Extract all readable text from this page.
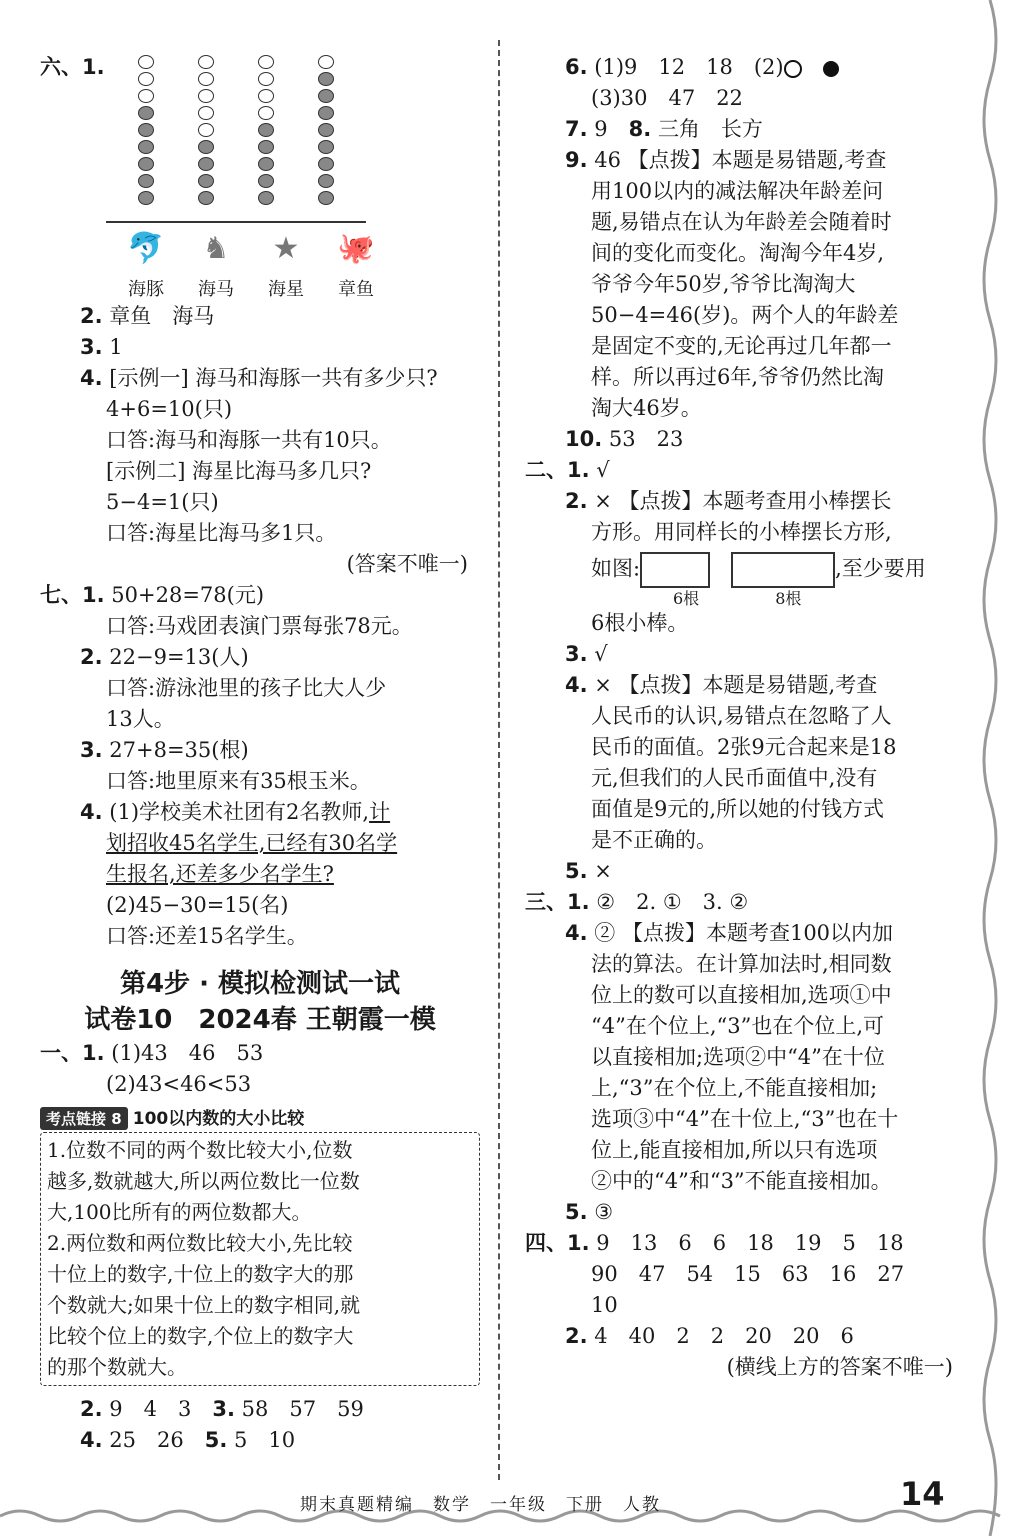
六、1.
🐬	♞	★	🐙
海豚	海马	海星	章鱼
2. 章鱼　海马
3. 1
4. [示例一] 海马和海豚一共有多少只?
4+6=10(只)
口答:海马和海豚一共有10只。
[示例二] 海星比海马多几只?
5−4=1(只)
口答:海星比海马多1只。
(答案不唯一)
七、1. 50+28=78(元)
口答:马戏团表演门票每张78元。
2. 22−9=13(人)
口答:游泳池里的孩子比大人少
13人。
3. 27+8=35(根)
口答:地里原来有35根玉米。
4. (1)学校美术社团有2名教师,计
划招收45名学生,已经有30名学
生报名,还差多少名学生?
(2)45−30=15(名)
口答:还差15名学生。
第4步 · 模拟检测试一试
试卷10　2024春 王朝霞一模
一、1. (1)43　46　53
(2)43<46<53
考点链接 8 100以内数的大小比较
1.位数不同的两个数比较大小,位数
越多,数就越大,所以两位数比一位数
大,100比所有的两位数都大。
2.两位数和两位数比较大小,先比较
十位上的数字,十位上的数字大的那
个数就大;如果十位上的数字相同,就
比较个位上的数字,个位上的数字大
的那个数就大。
2. 9　4　3　 3. 58　57　59
4. 25　26　 5. 5　10
6. (1)9　12　18　(2)　
(3)30　47　22
7. 9　 8. 三角　长方
9. 46 【点拨】本题是易错题,考查
用100以内的减法解决年龄差问
题,易错点在认为年龄差会随着时
间的变化而变化。淘淘今年4岁,
爷爷今年50岁,爷爷比淘淘大
50−4=46(岁)。两个人的年龄差
是固定不变的,无论再过几年都一
样。所以再过6年,爷爷仍然比淘
淘大46岁。
10. 53　23
二、1. √
2. × 【点拨】本题考查用小棒摆长
方形。用同样长的小棒摆长方形,
如图:　	,至少要用
6根	8根
6根小棒。
3. √
4. × 【点拨】本题是易错题,考查
人民币的认识,易错点在忽略了人
民币的面值。2张9元合起来是18
元,但我们的人民币面值中,没有
面值是9元的,所以她的付钱方式
是不正确的。
5. ×
三、1. ②　2. ①　3. ②
4. ② 【点拨】本题考查100以内加
法的算法。在计算加法时,相同数
位上的数可以直接相加,选项①中
“4”在个位上,“3”也在个位上,可
以直接相加;选项②中“4”在十位
上,“3”在个位上,不能直接相加;
选项③中“4”在十位上,“3”也在十
位上,能直接相加,所以只有选项
②中的“4”和“3”不能直接相加。
5. ③
四、1. 9　13　6　6　18　19　5　18
90　47　54　15　63　16　27
10
2. 4　40　2　2　20　20　6
(横线上方的答案不唯一)
期末真题精编　数学　一年级　下册　人教	14
